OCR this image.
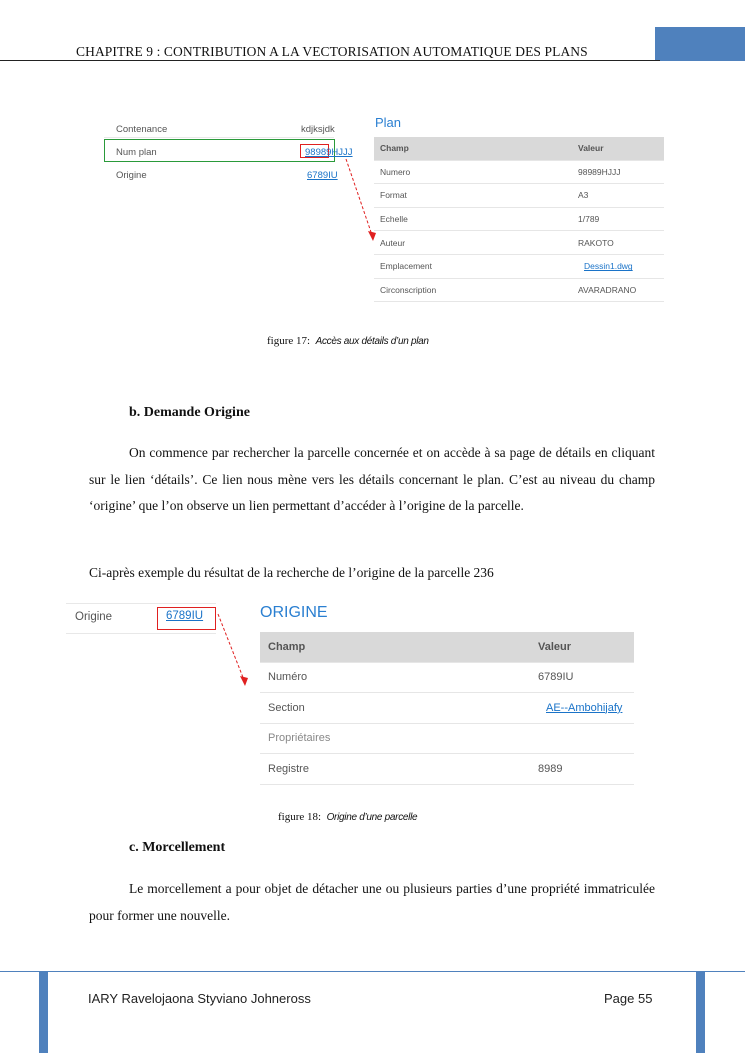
CHAPITRE 9 : CONTRIBUTION A LA VECTORISATION AUTOMATIQUE DES PLANS
Contenance	kdjksjdk
Num plan	98989HJJJ
Origine	6789IU
Plan
Champ	Valeur
Numero	98989HJJJ
Format	A3
Echelle	1/789
Auteur	RAKOTO
Emplacement	Dessin1.dwg
Circonscription	AVARADRANO
figure 17: Accès aux détails d’un plan
b. Demande Origine
On commence par rechercher la parcelle concernée et on accède à sa page de détails en cliquant sur le lien ‘détails’. Ce lien nous mène vers les détails concernant le plan. C’est au niveau du champ ‘origine’ que l’on observe un lien permettant d’accéder à l’origine de la parcelle.
Ci-après exemple du résultat de la recherche de l’origine de la parcelle 236
Origine	6789IU	ORIGINE
Champ	Valeur
Numéro	6789IU
Section	AE--Ambohijafy
Propriétaires	
Registre	8989
figure 18: Origine d’une parcelle
c. Morcellement
Le morcellement a pour objet de détacher une ou plusieurs parties d’une propriété immatriculée pour former une nouvelle.
IARY Ravelojaona Styviano Johneross	Page 55
